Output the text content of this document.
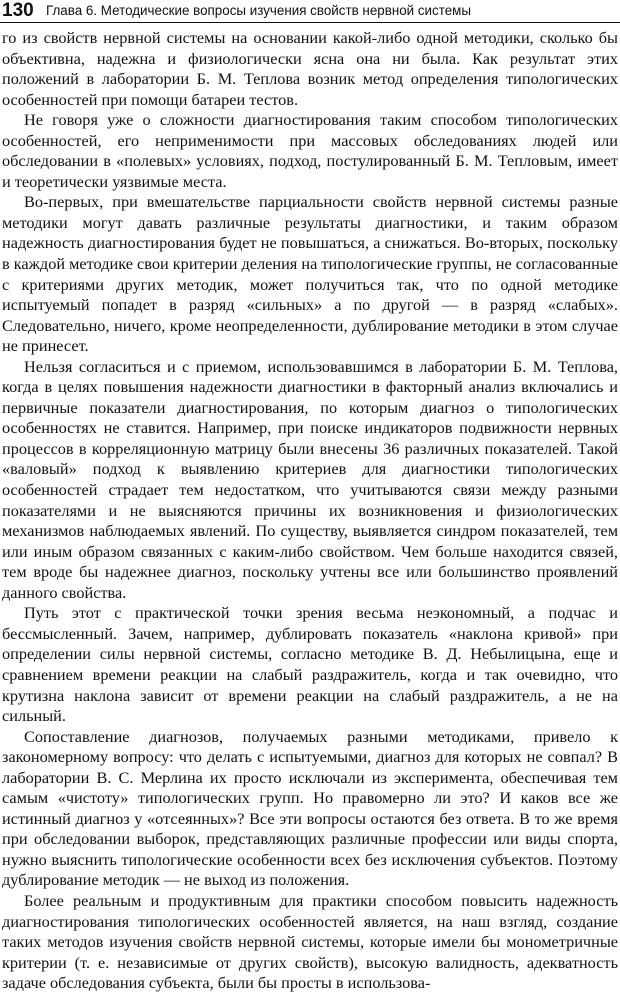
130 Глава 6. Методические вопросы изучения свойств нервной системы

го из свойств нервной системы на основании какой-либо одной методики, сколько бы объективна, надежна и физиологически ясна она ни была. Как результат этих положений в лаборатории Б. М. Теплова возник метод определения типологических особенностей при помощи батареи тестов.

Не говоря уже о сложности диагностирования таким способом типологических особенностей, его неприменимости при массовых обследованиях людей или обследовании в «полевых» условиях, подход, постулированный Б. М. Тепловым, имеет и теоретически уязвимые места.

Во-первых, при вмешательстве парциальности свойств нервной системы разные методики могут давать различные результаты диагностики, и таким образом надежность диагностирования будет не повышаться, а снижаться. Во-вторых, поскольку в каждой методике свои критерии деления на типологические группы, не согласованные с критериями других методик, может получиться так, что по одной методике испытуемый попадет в разряд «сильных» а по другой — в разряд «слабых». Следовательно, ничего, кроме неопределенности, дублирование методики в этом случае не принесет.

Нельзя согласиться и с приемом, использовавшимся в лаборатории Б. М. Теплова, когда в целях повышения надежности диагностики в факторный анализ включались и первичные показатели диагностирования, по которым диагноз о типологических особенностях не ставится. Например, при поиске индикаторов подвижности нервных процессов в корреляционную матрицу были внесены 36 различных показателей. Такой «валовый» подход к выявлению критериев для диагностики типологических особенностей страдает тем недостатком, что учитываются связи между разными показателями и не выясняются причины их возникновения и физиологических механизмов наблюдаемых явлений. По существу, выявляется синдром показателей, тем или иным образом связанных с каким-либо свойством. Чем больше находится связей, тем вроде бы надежнее диагноз, поскольку учтены все или большинство проявлений данного свойства.

Путь этот с практической точки зрения весьма неэкономный, а подчас и бессмысленный. Зачем, например, дублировать показатель «наклона кривой» при определении силы нервной системы, согласно методике В. Д. Небылицына, еще и сравнением времени реакции на слабый раздражитель, когда и так очевидно, что крутизна наклона зависит от времени реакции на слабый раздражитель, а не на сильный.

Сопоставление диагнозов, получаемых разными методиками, привело к закономерному вопросу: что делать с испытуемыми, диагноз для которых не совпал? В лаборатории В. С. Мерлина их просто исключали из эксперимента, обеспечивая тем самым «чистоту» типологических групп. Но правомерно ли это? И каков все же истинный диагноз у «отсеянных»? Все эти вопросы остаются без ответа. В то же время при обследовании выборок, представляющих различные профессии или виды спорта, нужно выяснить типологические особенности всех без исключения субъектов. Поэтому дублирование методик — не выход из положения.

Более реальным и продуктивным для практики способом повысить надежность диагностирования типологических особенностей является, на наш взгляд, создание таких методов изучения свойств нервной системы, которые имели бы монометричные критерии (т. е. независимые от других свойств), высокую валидность, адекватность задаче обследования субъекта, были бы просты в использова-
